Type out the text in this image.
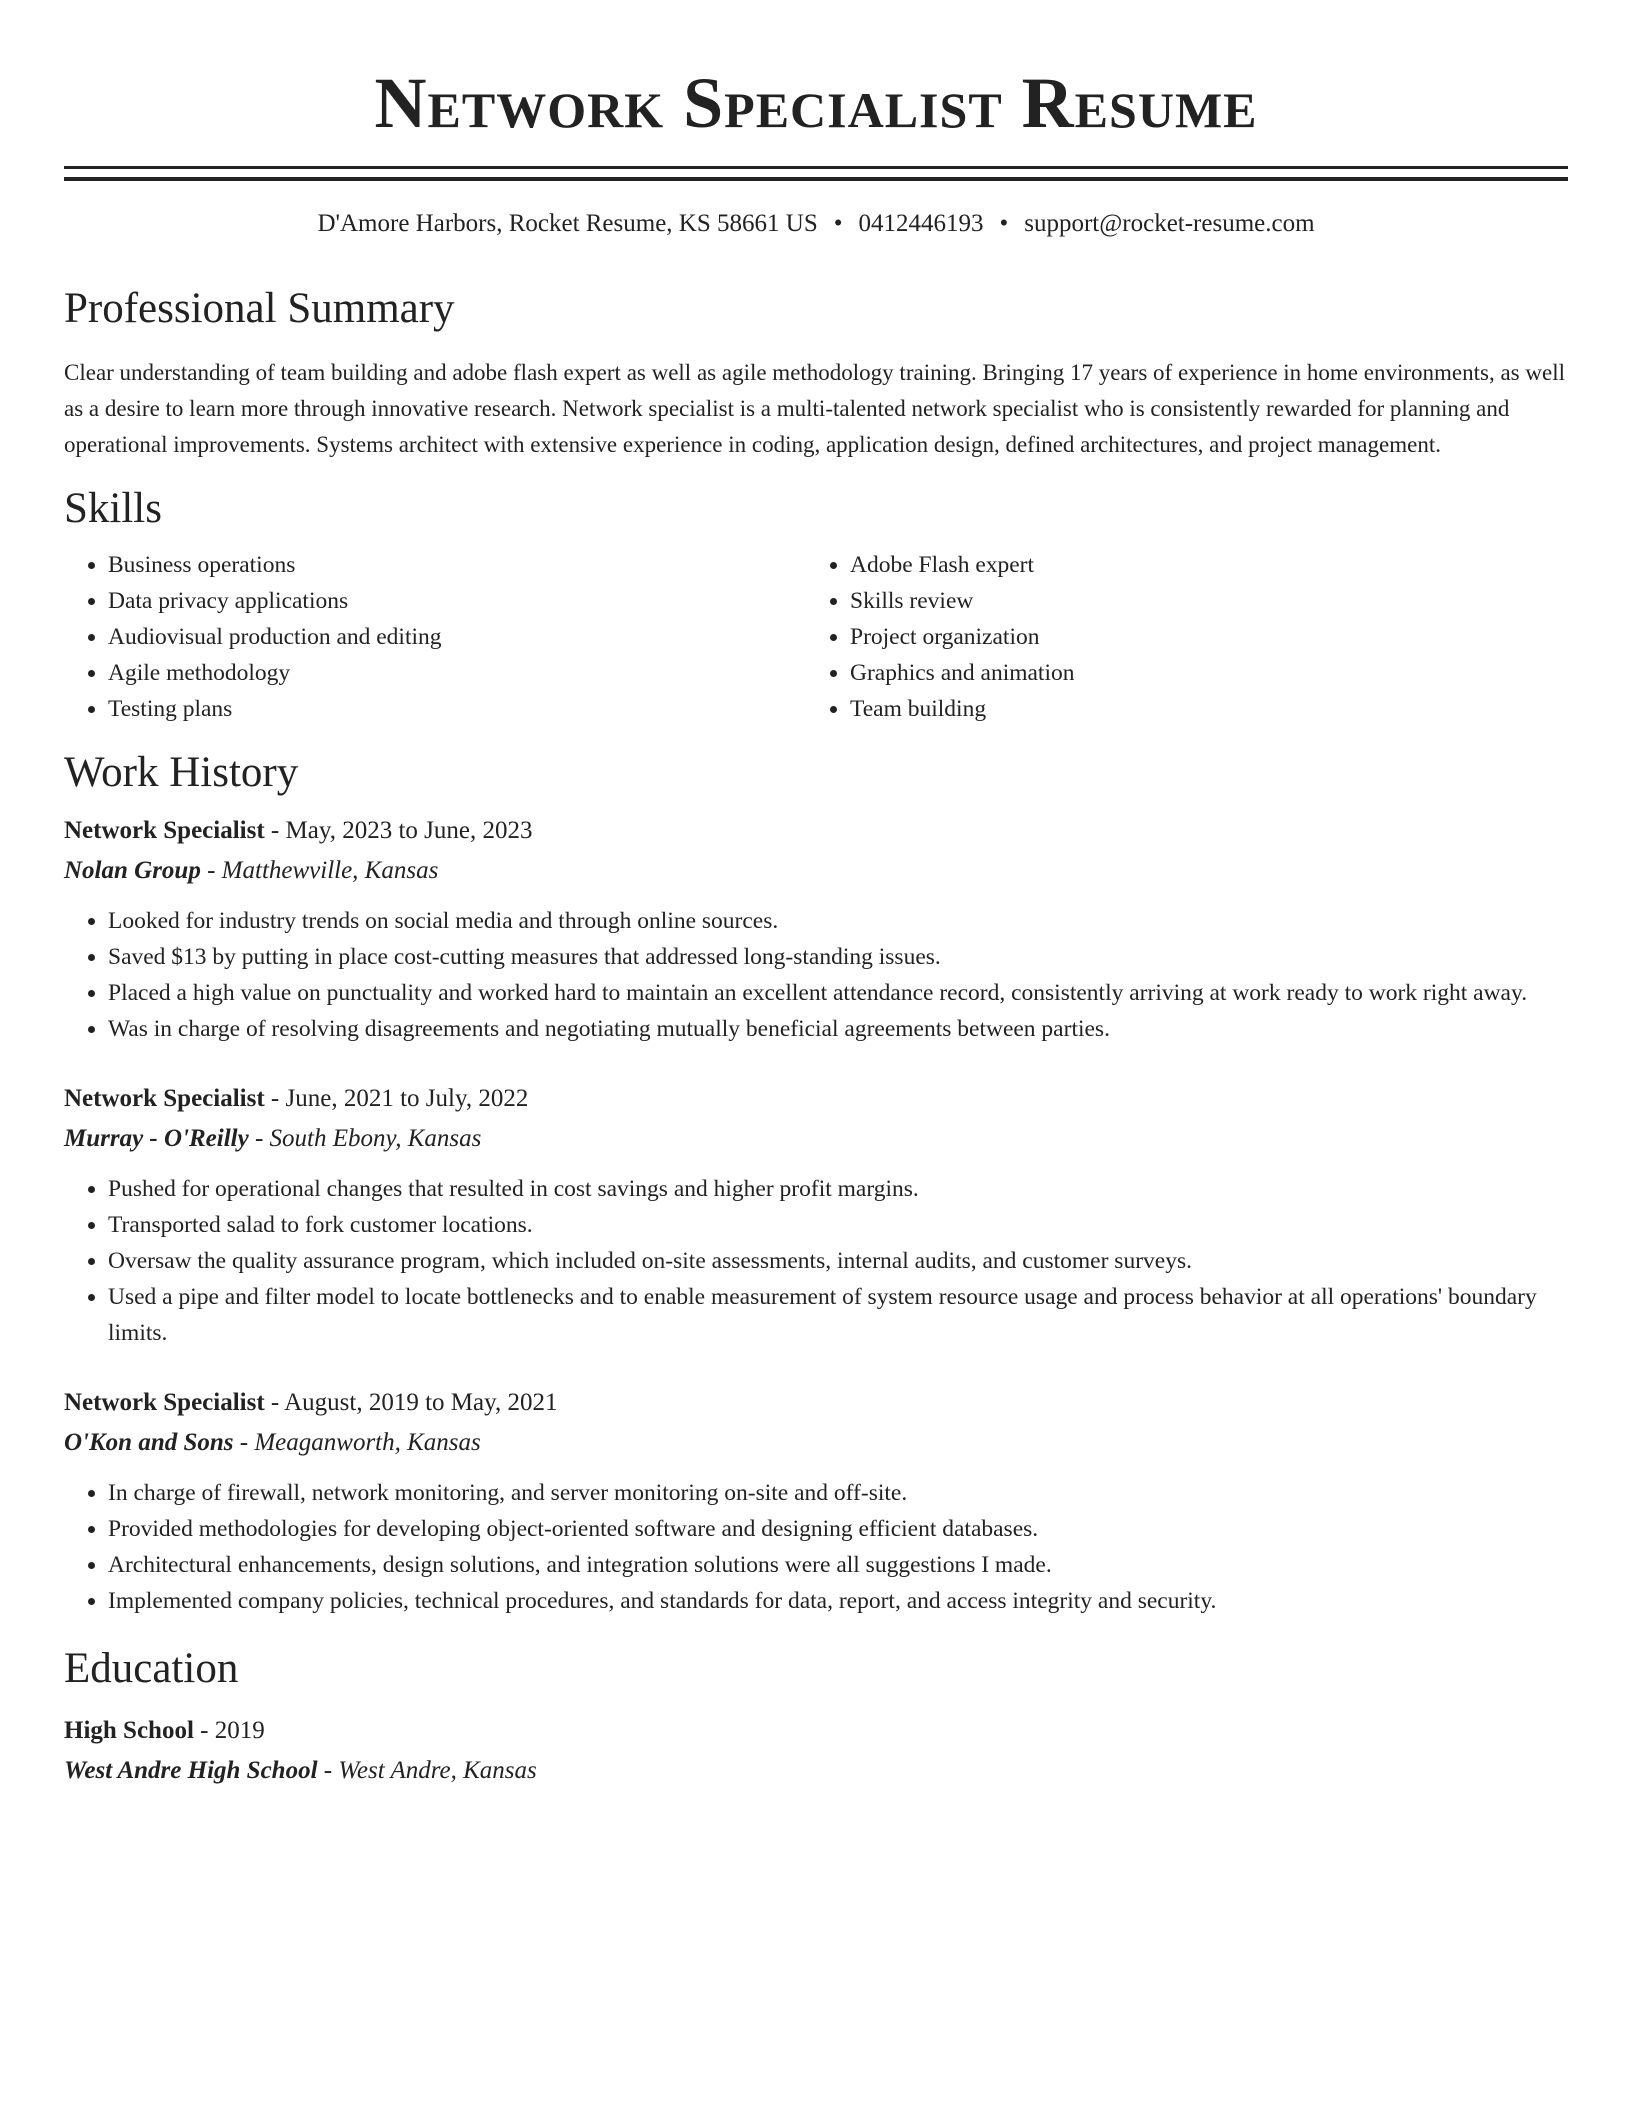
Network Specialist Resume
D'Amore Harbors, Rocket Resume, KS 58661 US • 0412446193 • support@rocket-resume.com
Professional Summary

Clear understanding of team building and adobe flash expert as well as agile methodology training. Bringing 17 years of experience in home environments, as well as a desire to learn more through innovative research. Network specialist is a multi-talented network specialist who is consistently rewarded for planning and operational improvements. Systems architect with extensive experience in coding, application design, defined architectures, and project management.

Skills
• Business operations
• Data privacy applications
• Audiovisual production and editing
• Agile methodology
• Testing plans
• Adobe Flash expert
• Skills review
• Project organization
• Graphics and animation
• Team building
Work History
Network Specialist - May, 2023 to June, 2023
Nolan Group - Matthewville, Kansas
• Looked for industry trends on social media and through online sources.
• Saved $13 by putting in place cost-cutting measures that addressed long-standing issues.
• Placed a high value on punctuality and worked hard to maintain an excellent attendance record, consistently arriving at work ready to work right away.
• Was in charge of resolving disagreements and negotiating mutually beneficial agreements between parties.
Network Specialist - June, 2021 to July, 2022
Murray - O'Reilly - South Ebony, Kansas
• Pushed for operational changes that resulted in cost savings and higher profit margins.
• Transported salad to fork customer locations.
• Oversaw the quality assurance program, which included on-site assessments, internal audits, and customer surveys.
• Used a pipe and filter model to locate bottlenecks and to enable measurement of system resource usage and process behavior at all operations' boundary limits.
Network Specialist - August, 2019 to May, 2021
O'Kon and Sons - Meaganworth, Kansas
• In charge of firewall, network monitoring, and server monitoring on-site and off-site.
• Provided methodologies for developing object-oriented software and designing efficient databases.
• Architectural enhancements, design solutions, and integration solutions were all suggestions I made.
• Implemented company policies, technical procedures, and standards for data, report, and access integrity and security.
Education
High School - 2019
West Andre High School - West Andre, Kansas
